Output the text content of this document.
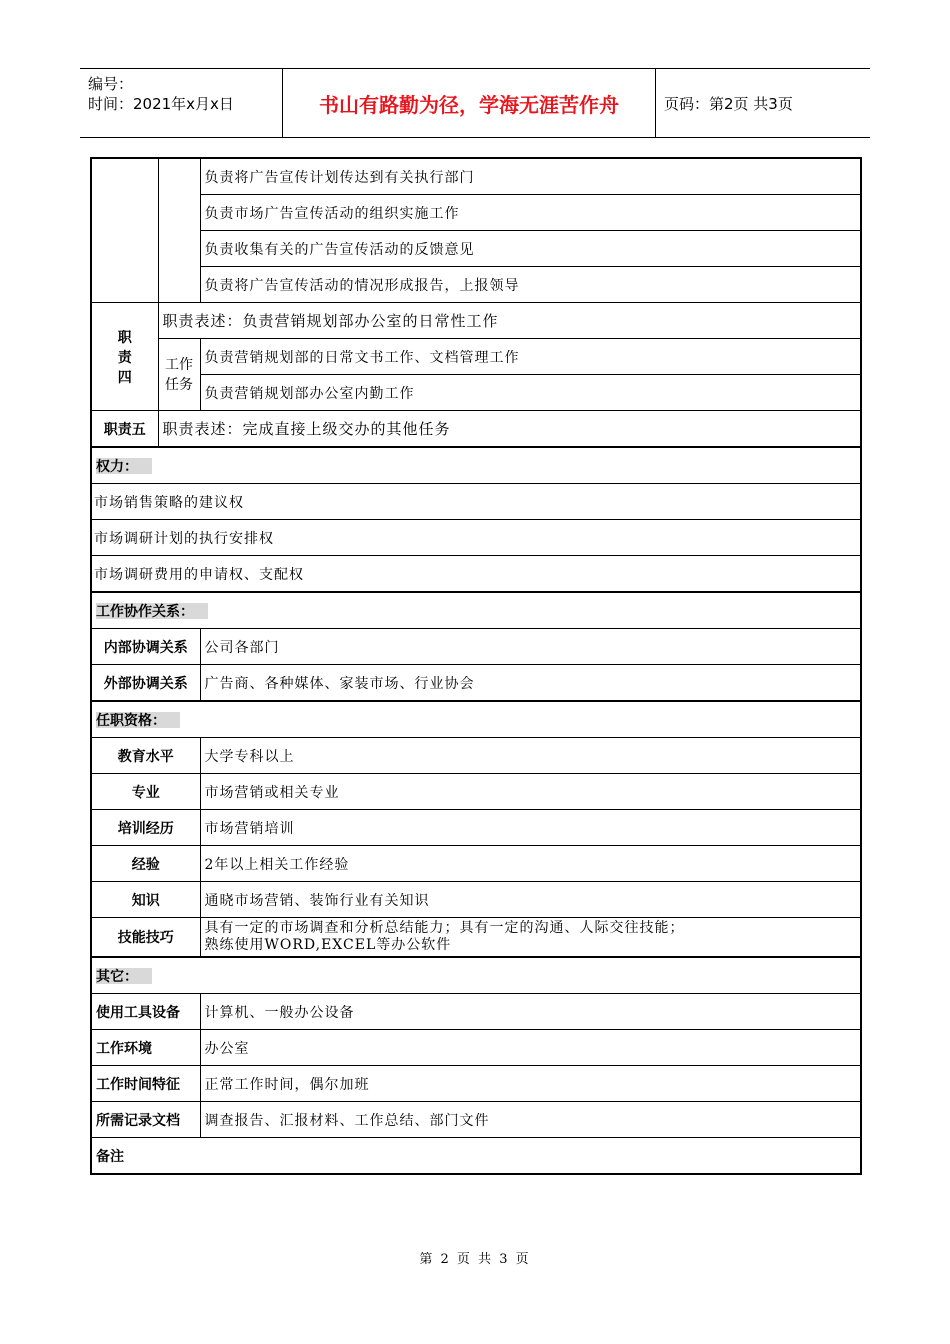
编号：
时间：2021年x月x日	书山有路勤为径，学海无涯苦作舟	页码：第2页 共3页
		负责将广告宣传计划传达到有关执行部门
		负责市场广告宣传活动的组织实施工作
		负责收集有关的广告宣传活动的反馈意见
		负责将广告宣传活动的情况形成报告，上报领导
职责四	职责表述：负责营销规划部办公室的日常性工作	
	工作任务	负责营销规划部的日常文书工作、文档管理工作
		负责营销规划部办公室内勤工作
职责五	职责表述：完成直接上级交办的其他任务	
权力：		
市场销售策略的建议权		
市场调研计划的执行安排权		
市场调研费用的申请权、支配权		
工作协作关系：		
内部协调关系		公司各部门
外部协调关系		广告商、各种媒体、家装市场、行业协会
任职资格：		
教育水平		大学专科以上
专业		市场营销或相关专业
培训经历		市场营销培训
经验		2年以上相关工作经验
知识		通晓市场营销、装饰行业有关知识
技能技巧		具有一定的市场调查和分析总结能力；具有一定的沟通、人际交往技能；
熟练使用WORD,EXCEL等办公软件

其它：		
使用工具设备		计算机、一般办公设备
工作环境		办公室
工作时间特征		正常工作时间，偶尔加班
所需记录文档		调查报告、汇报材料、工作总结、部门文件
备注		
第 2 页 共 3 页
